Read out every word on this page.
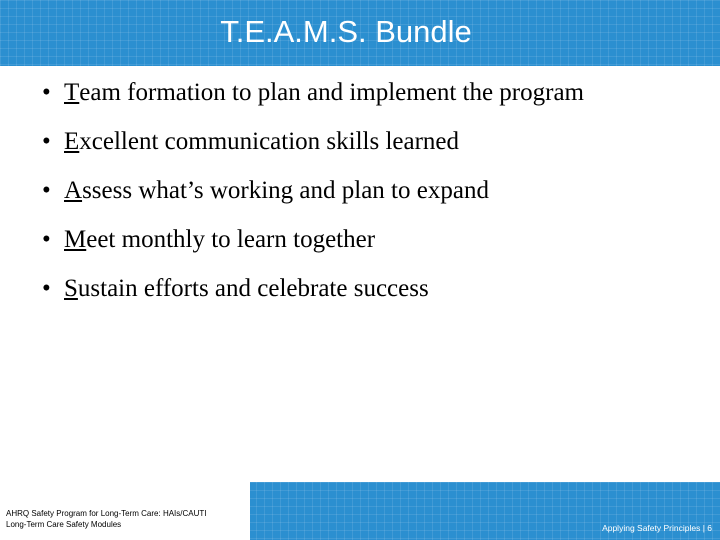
T.E.A.M.S. Bundle
• T eam formation to plan and implement the program
• E xcellent communication skills learned
• A ssess what’s working and plan to expand
• M eet monthly to learn together
• S ustain efforts and celebrate success
AHRQ Safety Program for Long-Term Care: HAIs/CAUTI
Long-Term Care Safety Modules	Applying Safety Principles | 6
